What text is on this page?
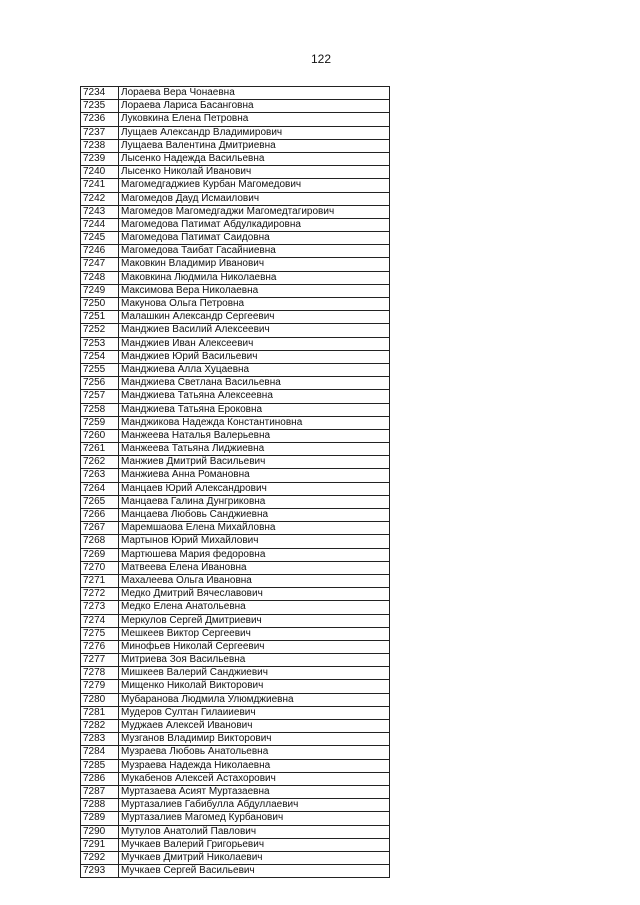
122
7234	Лораева Вера Чонаевна
7235	Лораева Лариса Басанговна
7236	Луковкина Елена Петровна
7237	Лущаев Александр Владимирович
7238	Лущаева Валентина Дмитриевна
7239	Лысенко Надежда Васильевна
7240	Лысенко Николай Иванович
7241	Магомедгаджиев Курбан Магомедович
7242	Магомедов Дауд Исмаилович
7243	Магомедов Магомедгаджи Магомедтагирович
7244	Магомедова Патимат Абдулкадировна
7245	Магомедова Патимат Саидовна
7246	Магомедова Таибат Гасайниевна
7247	Маковкин Владимир Иванович
7248	Маковкина Людмила Николаевна
7249	Максимова Вера Николаевна
7250	Макунова Ольга Петровна
7251	Малашкин Александр Сергеевич
7252	Манджиев Василий Алексеевич
7253	Манджиев Иван Алексеевич
7254	Манджиев Юрий Васильевич
7255	Манджиева Алла Хуцаевна
7256	Манджиева Светлана Васильевна
7257	Манджиева Татьяна Алексеевна
7258	Манджиева Татьяна Ероковна
7259	Манджикова Надежда Константиновна
7260	Манжеева Наталья Валерьевна
7261	Манжеева Татьяна Лиджиевна
7262	Манжиев Дмитрий Васильевич
7263	Манжиева Анна Романовна
7264	Манцаев Юрий Александрович
7265	Манцаева Галина Дунгриковна
7266	Манцаева Любовь Санджиевна
7267	Маремшаова Елена Михайловна
7268	Мартынов Юрий Михайлович
7269	Мартюшева Мария федоровна
7270	Матвеева Елена Ивановна
7271	Махалеева Ольга Ивановна
7272	Медко Дмитрий Вячеславович
7273	Медко Елена Анатольевна
7274	Меркулов Сергей Дмитриевич
7275	Мешкеев Виктор Сергеевич
7276	Минофьев Николай Сергеевич
7277	Митриева Зоя Васильевна
7278	Мишкеев Валерий Санджиевич
7279	Мищенко Николай Викторович
7280	Мубаранова Людмила Улюмджиевна
7281	Мудеров Султан Гилаииевич
7282	Муджаев Алексей Иванович
7283	Музганов Владимир Викторович
7284	Музраева Любовь Анатольевна
7285	Музраева Надежда Николаевна
7286	Мукабенов Алексей Астахорович
7287	Муртазаева Асият Муртазаевна
7288	Муртазалиев Габибулла Абдуллаевич
7289	Муртазалиев Магомед Курбанович
7290	Мутулов Анатолий Павлович
7291	Мучкаев Валерий Григорьевич
7292	Мучкаев Дмитрий Николаевич
7293	Мучкаев Сергей Васильевич
